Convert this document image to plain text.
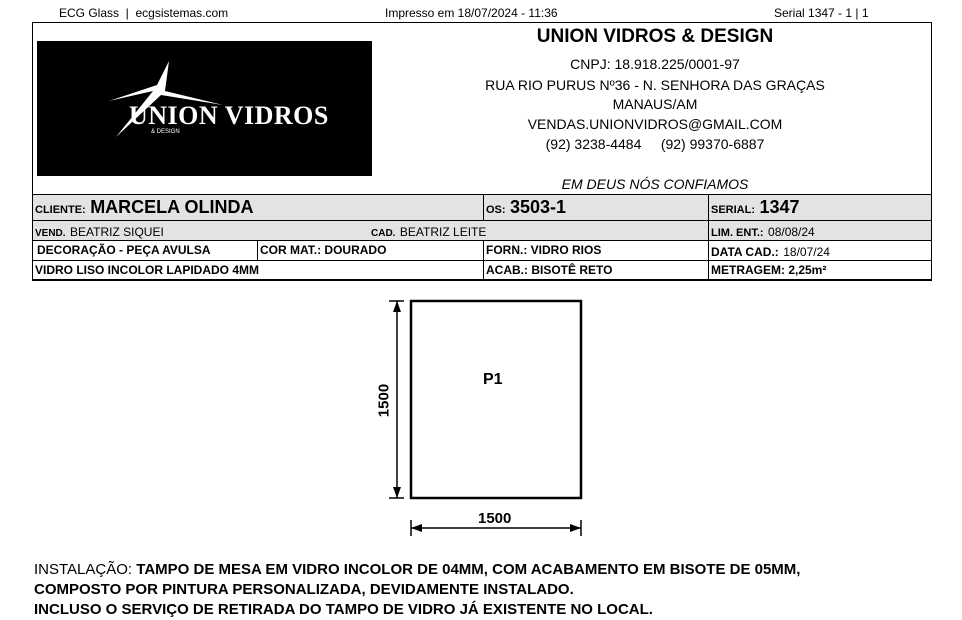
ECG Glass  |  ecgsistemas.com	Impresso em 18/07/2024 - 11:36	Serial 1347 - 1 | 1
UNION VIDROS
& DESIGN
UNION VIDROS & DESIGN
CNPJ: 18.918.225/0001-97
RUA RIO PURUS Nº36 - N. SENHORA DAS GRAÇAS
MANAUS/AM
VENDAS.UNIONVIDROS@GMAIL.COM
(92) 3238-4484     (92) 99370-6887
EM DEUS NÓS CONFIAMOS
CLIENTE: MARCELA OLINDA	OS: 3503-1	SERIAL: 1347
VEND. BEATRIZ SIQUEI	CAD. BEATRIZ LEITE	LIM. ENT.: 08/08/24
DECORAÇÃO - PEÇA AVULSA	COR MAT.: DOURADO	FORN.: VIDRO RIOS	DATA CAD.: 18/07/24
VIDRO LISO INCOLOR LAPIDADO 4MM	ACAB.: BISOTÊ RETO	METRAGEM: 2,25m²
P1
1500
1500
INSTALAÇÃO: TAMPO DE MESA EM VIDRO INCOLOR DE 04MM, COM ACABAMENTO EM BISOTE DE 05MM,
COMPOSTO POR PINTURA PERSONALIZADA, DEVIDAMENTE INSTALADO.
INCLUSO O SERVIÇO DE RETIRADA DO TAMPO DE VIDRO JÁ EXISTENTE NO LOCAL.
